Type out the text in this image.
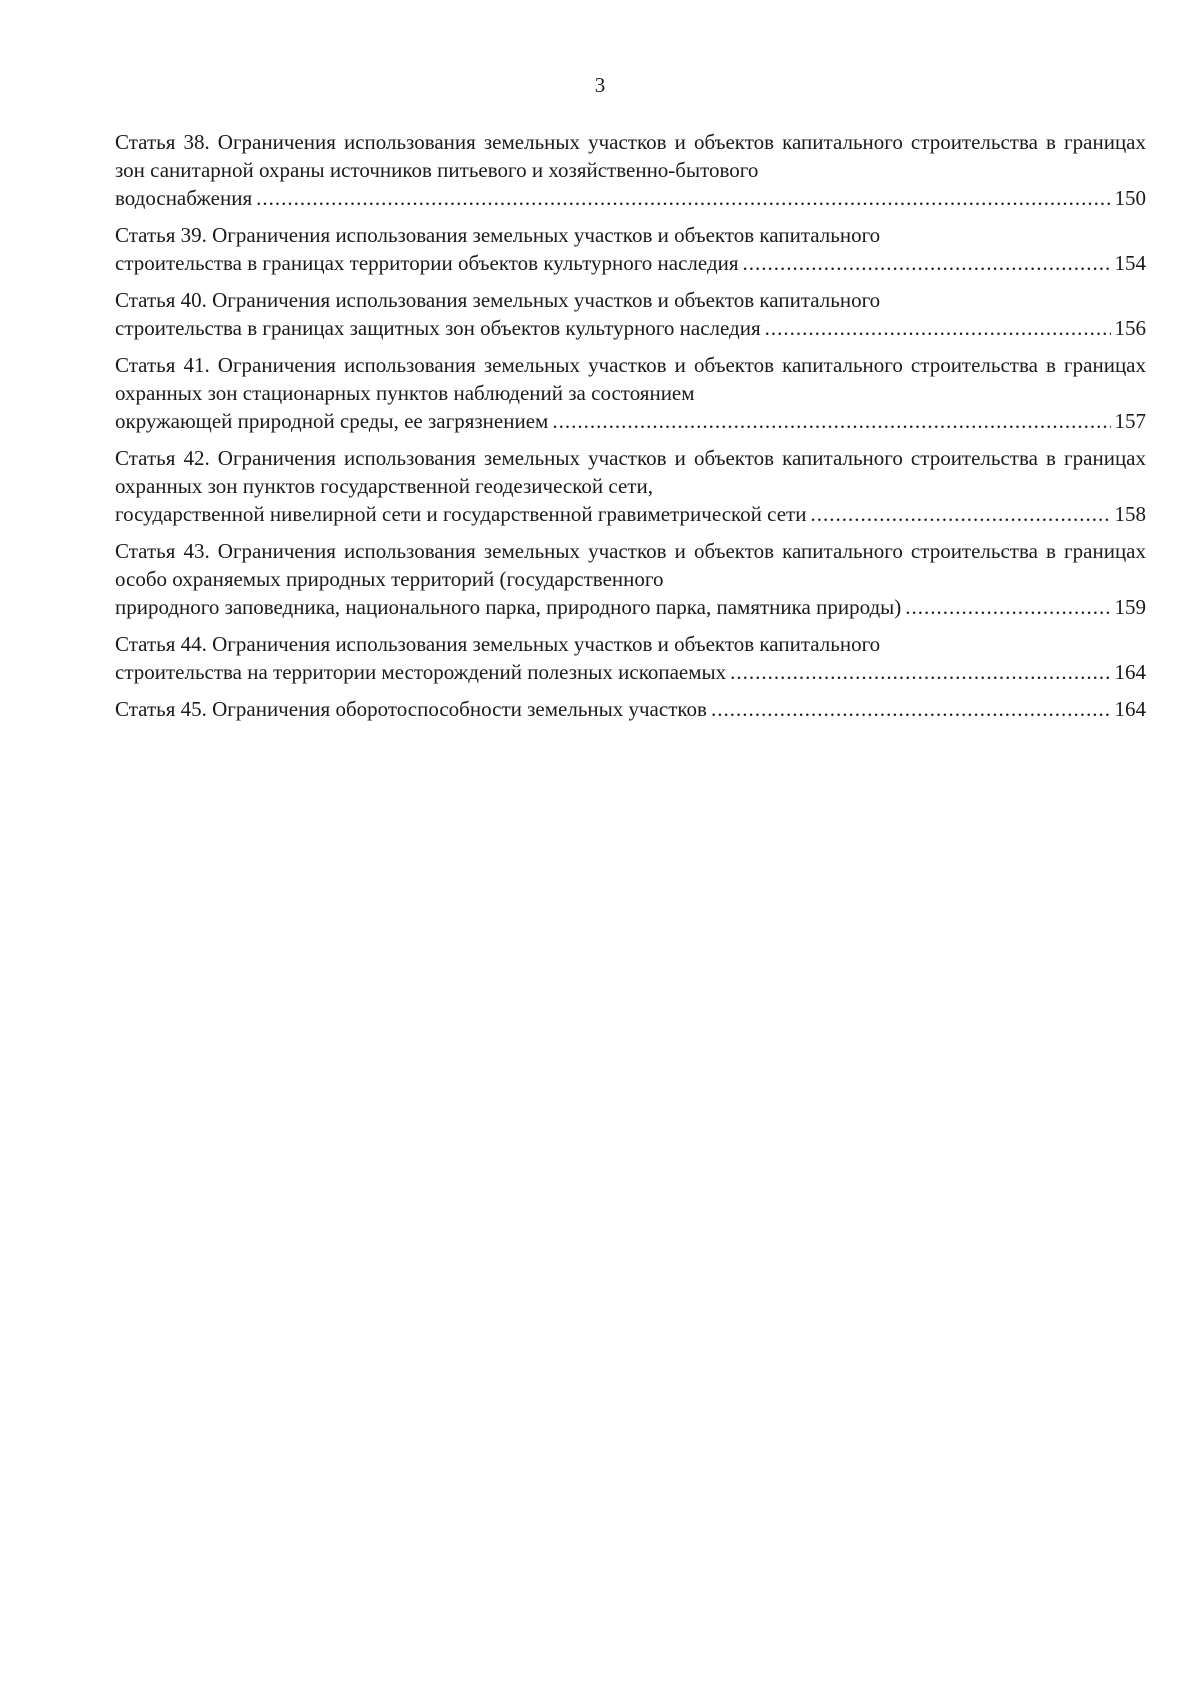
3
Статья 38. Ограничения использования земельных участков и объектов капитального строительства в границах зон санитарной охраны источников питьевого и хозяйственно-бытового
водоснабжения .....	150
Статья 39. Ограничения использования земельных участков и объектов капитального
строительства в границах территории объектов культурного наследия .....	154
Статья 40. Ограничения использования земельных участков и объектов капитального
строительства в границах защитных зон объектов культурного наследия .....	156
Статья 41. Ограничения использования земельных участков и объектов капитального строительства в границах охранных зон стационарных пунктов наблюдений за состоянием
окружающей природной среды, ее загрязнением .....	157
Статья 42. Ограничения использования земельных участков и объектов капитального строительства в границах охранных зон пунктов государственной геодезической сети,
государственной нивелирной сети и государственной гравиметрической сети .....	158
Статья 43. Ограничения использования земельных участков и объектов капитального строительства в границах особо охраняемых природных территорий (государственного
природного заповедника, национального парка, природного парка, памятника природы) .....	159
Статья 44. Ограничения использования земельных участков и объектов капитального
строительства на территории месторождений полезных ископаемых .....	164
Статья 45. Ограничения оборотоспособности земельных участков .....	164
